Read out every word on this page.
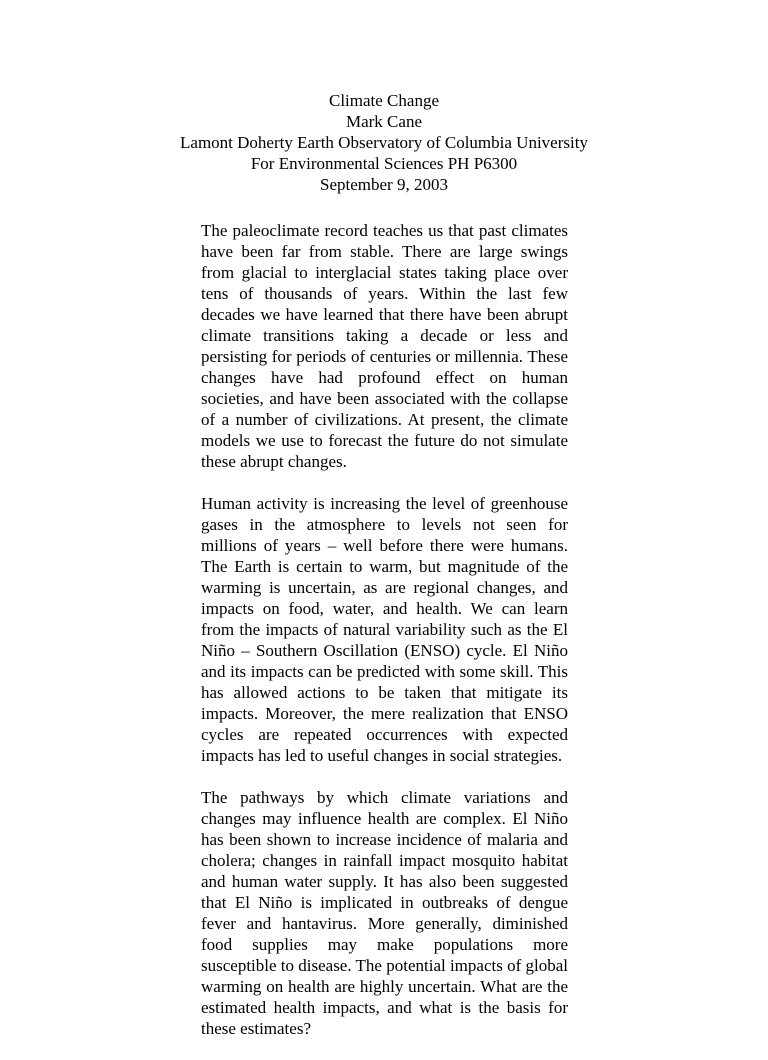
Climate Change
Mark Cane
Lamont Doherty Earth Observatory of Columbia University
For Environmental Sciences PH P6300
September 9, 2003

The paleoclimate record teaches us that past climates have been far from stable. There are large swings from glacial to interglacial states taking place over tens of thousands of years. Within the last few decades we have learned that there have been abrupt climate transitions taking a decade or less and persisting for periods of centuries or millennia. These changes have had profound effect on human societies, and have been associated with the collapse of a number of civilizations. At present, the climate models we use to forecast the future do not simulate these abrupt changes.

Human activity is increasing the level of greenhouse gases in the atmosphere to levels not seen for millions of years – well before there were humans. The Earth is certain to warm, but magnitude of the warming is uncertain, as are regional changes, and impacts on food, water, and health. We can learn from the impacts of natural variability such as the El Niño – Southern Oscillation (ENSO) cycle. El Niño and its impacts can be predicted with some skill. This has allowed actions to be taken that mitigate its impacts. Moreover, the mere realization that ENSO cycles are repeated occurrences with expected impacts has led to useful changes in social strategies.

The pathways by which climate variations and changes may influence health are complex. El Niño has been shown to increase incidence of malaria and cholera; changes in rainfall impact mosquito habitat and human water supply. It has also been suggested that El Niño is implicated in outbreaks of dengue fever and hantavirus. More generally, diminished food supplies may make populations more susceptible to disease. The potential impacts of global warming on health are highly uncertain. What are the estimated health impacts, and what is the basis for these estimates?
